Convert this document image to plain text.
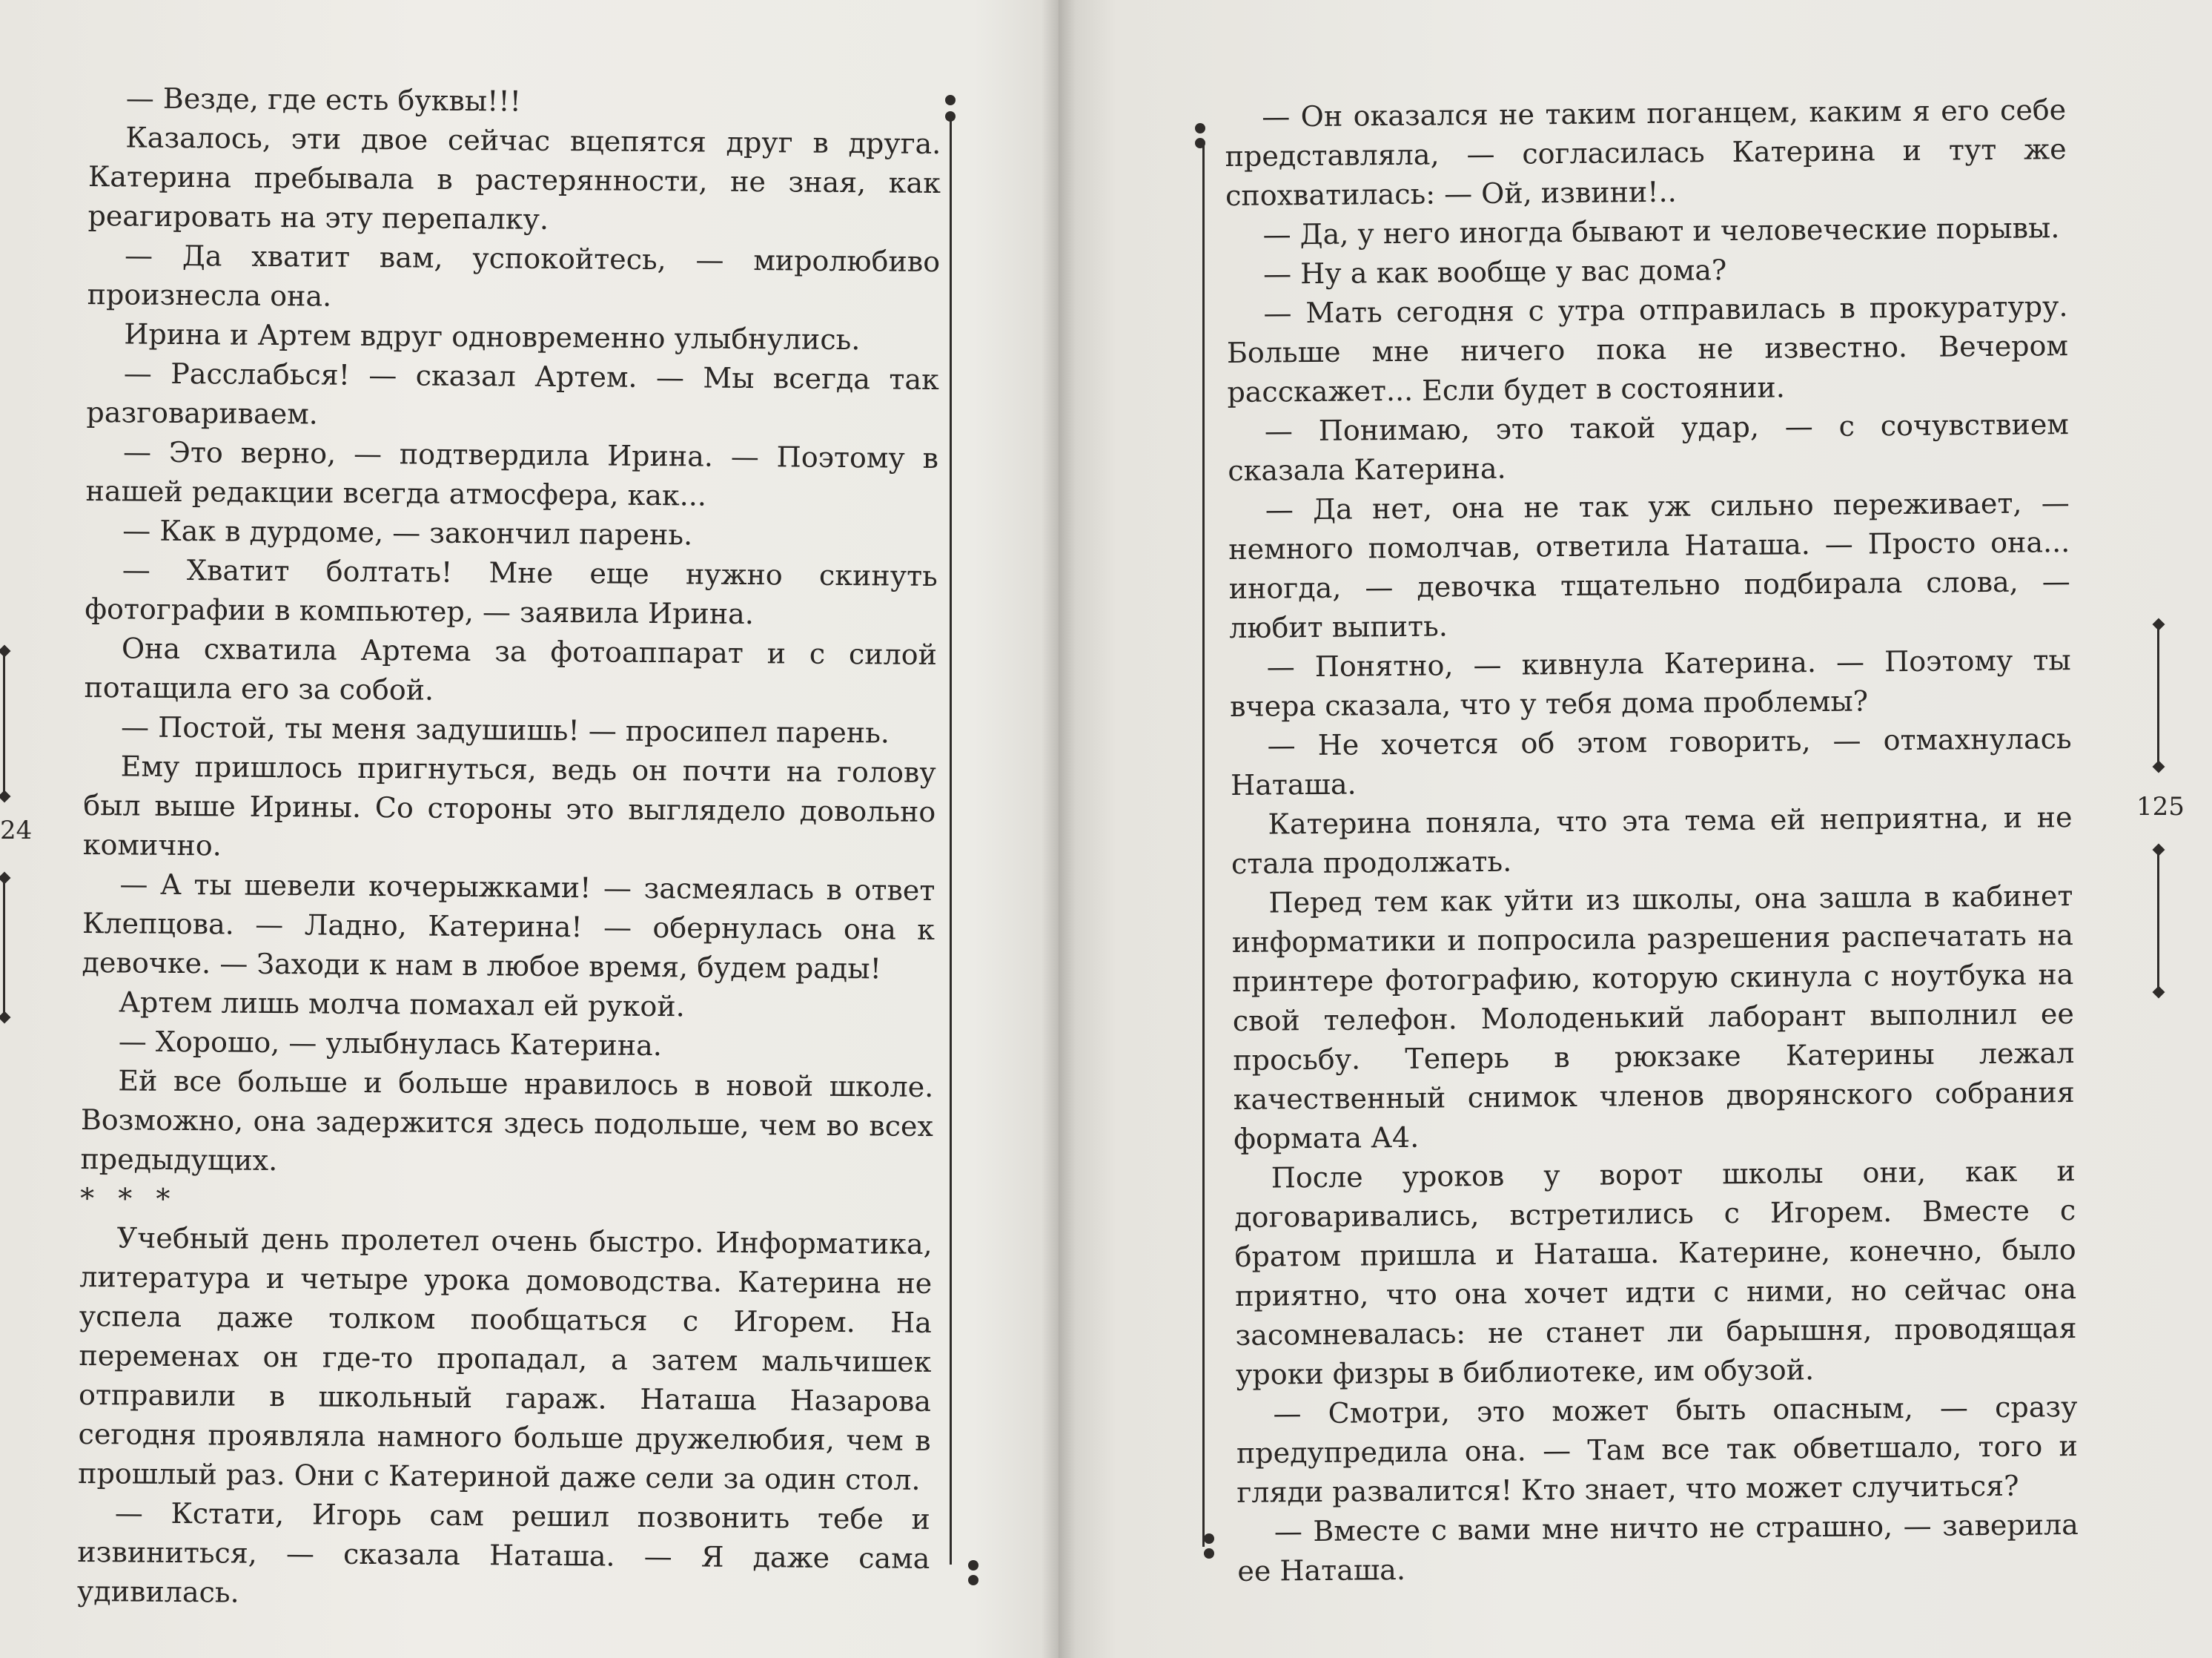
— Везде, где есть буквы!!!

Казалось, эти двое сейчас вцепятся друг в друга. Катерина пребывала в растерянности, не зная, как реагировать на эту перепалку.

— Да хватит вам, успокойтесь, — миролюбиво произнесла она.

Ирина и Артем вдруг одновременно улыбнулись.

— Расслабься! — сказал Артем. — Мы всегда так разговариваем.

— Это верно, — подтвердила Ирина. — Поэтому в нашей редакции всегда атмосфера, как...

— Как в дурдоме, — закончил парень.

— Хватит болтать! Мне еще нужно скинуть фотографии в компьютер, — заявила Ирина.

Она схватила Артема за фотоаппарат и с силой потащила его за собой.

— Постой, ты меня задушишь! — просипел парень.

Ему пришлось пригнуться, ведь он почти на голову был выше Ирины. Со стороны это выглядело довольно комично.

— А ты шевели кочерыжками! — засмеялась в ответ Клепцова. — Ладно, Катерина! — обернулась она к девочке. — Заходи к нам в любое время, будем рады!

Артем лишь молча помахал ей рукой.

— Хорошо, — улыбнулась Катерина.

Ей все больше и больше нравилось в новой школе. Возможно, она задержится здесь подольше, чем во всех предыдущих.

* * *

Учебный день пролетел очень быстро. Информатика, литература и четыре урока домоводства. Катерина не успела даже толком пообщаться с Игорем. На переменах он где-то пропадал, а затем мальчишек отправили в школьный гараж. Наташа Назарова сегодня проявляла намного больше дружелюбия, чем в прошлый раз. Они с Катериной даже сели за один стол.

— Кстати, Игорь сам решил позвонить тебе и извиниться, — сказала Наташа. — Я даже сама удивилась.

— Он оказался не таким поганцем, каким я его себе представляла, — согласилась Катерина и тут же спохватилась: — Ой, извини!..

— Да, у него иногда бывают и человеческие порывы.

— Ну а как вообще у вас дома?

— Мать сегодня с утра отправилась в прокуратуру. Больше мне ничего пока не известно. Вечером расскажет... Если будет в состоянии.

— Понимаю, это такой удар, — с сочувствием сказала Катерина.

— Да нет, она не так уж сильно переживает, — немного помолчав, ответила Наташа. — Просто она... иногда, — девочка тщательно подбирала слова, — любит выпить.

— Понятно, — кивнула Катерина. — Поэтому ты вчера сказала, что у тебя дома проблемы?

— Не хочется об этом говорить, — отмахнулась Наташа.

Катерина поняла, что эта тема ей неприятна, и не стала продолжать.

Перед тем как уйти из школы, она зашла в кабинет информатики и попросила разрешения распечатать на принтере фотографию, которую скинула с ноутбука на свой телефон. Молоденький лаборант выполнил ее просьбу. Теперь в рюкзаке Катерины лежал качественный снимок членов дворянского собрания формата А4.

После уроков у ворот школы они, как и договаривались, встретились с Игорем. Вместе с братом пришла и Наташа. Катерине, конечно, было приятно, что она хочет идти с ними, но сейчас она засомневалась: не станет ли барышня, проводящая уроки физры в библиотеке, им обузой.

— Смотри, это может быть опасным, — сразу предупредила она. — Там все так обветшало, того и гляди развалится! Кто знает, что может случиться?

— Вместе с вами мне ничто не страшно, — заверила ее Наташа.

24
125
